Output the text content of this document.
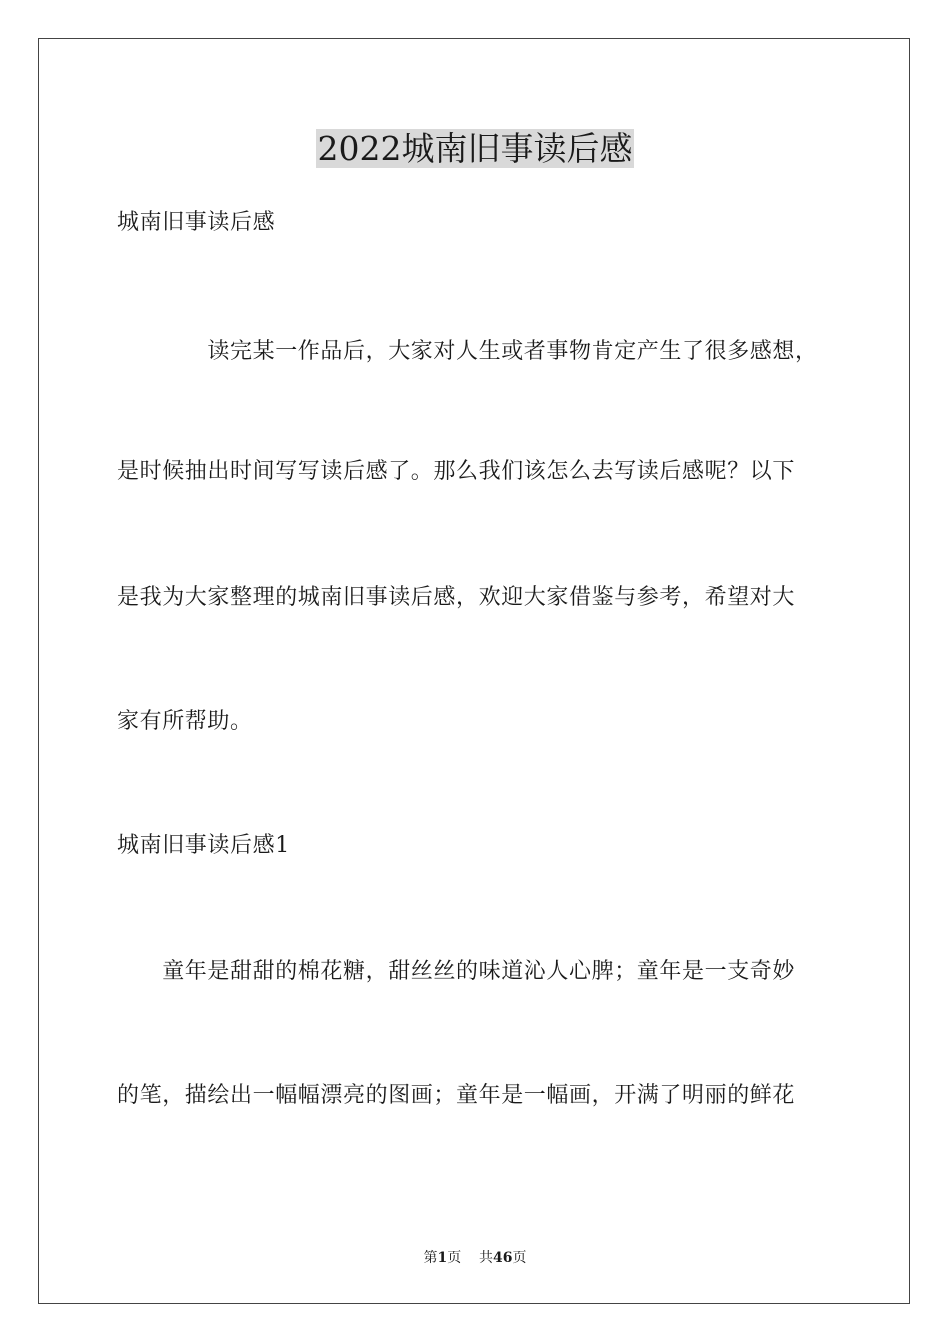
2022城南旧事读后感
城南旧事读后感
　　　　读完某一作品后，大家对人生或者事物肯定产生了很多感想，
是时候抽出时间写写读后感了。那么我们该怎么去写读后感呢？以下
是我为大家整理的城南旧事读后感，欢迎大家借鉴与参考，希望对大
家有所帮助。
城南旧事读后感1
　　童年是甜甜的棉花糖，甜丝丝的味道沁人心脾；童年是一支奇妙
的笔，描绘出一幅幅漂亮的图画；童年是一幅画，开满了明丽的鲜花
第1页 共46页
